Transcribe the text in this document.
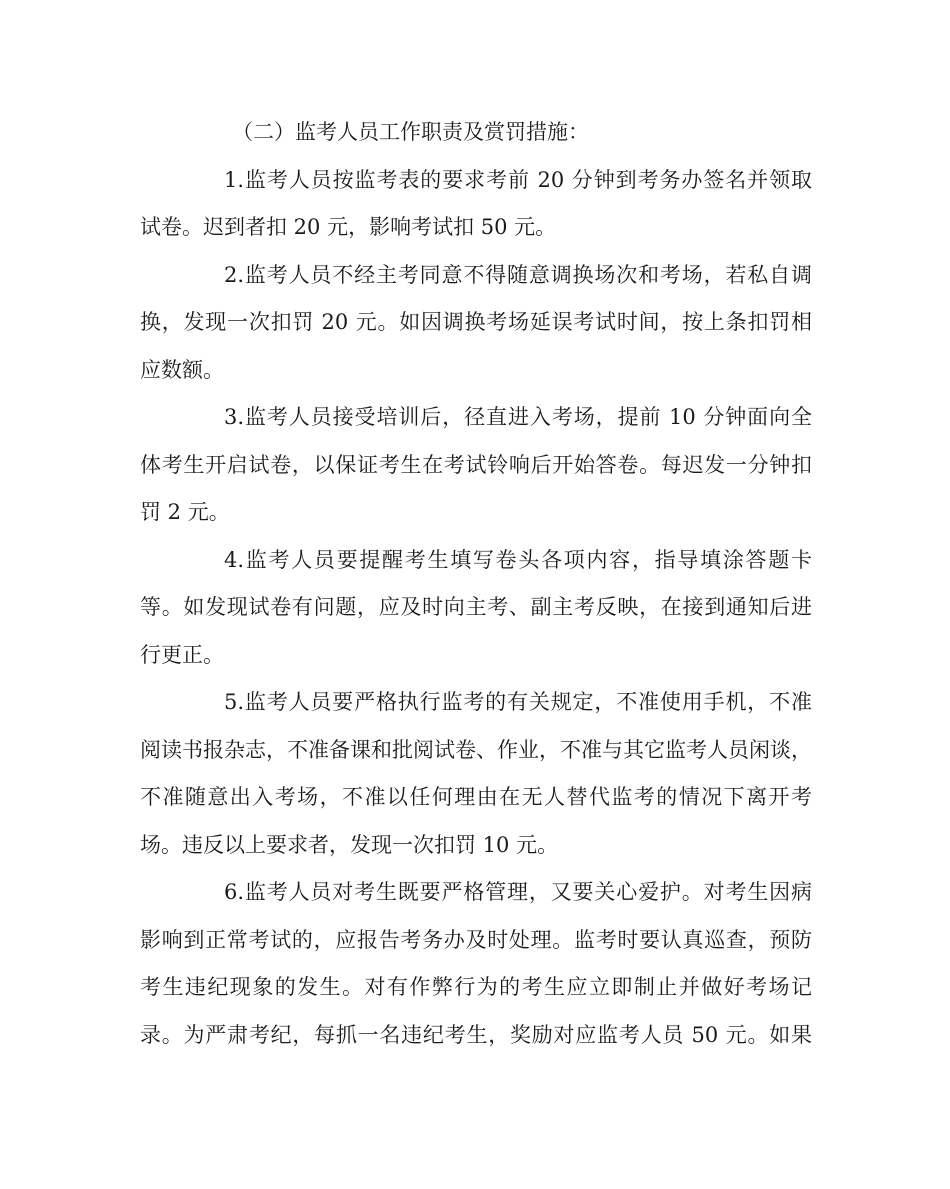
（二）监考人员工作职责及赏罚措施：

1.监考人员按监考表的要求考前 20 分钟到考务办签名并领取
试卷。迟到者扣 20 元，影响考试扣 50 元。
2.监考人员不经主考同意不得随意调换场次和考场，若私自调
换，发现一次扣罚 20 元。如因调换考场延误考试时间，按上条扣罚相
应数额。
3.监考人员接受培训后，径直进入考场，提前 10 分钟面向全
体考生开启试卷，以保证考生在考试铃响后开始答卷。每迟发一分钟扣
罚 2 元。
4.监考人员要提醒考生填写卷头各项内容，指导填涂答题卡
等。如发现试卷有问题，应及时向主考、副主考反映，在接到通知后进
行更正。
5.监考人员要严格执行监考的有关规定，不准使用手机，不准
阅读书报杂志，不准备课和批阅试卷、作业，不准与其它监考人员闲谈，
不准随意出入考场，不准以任何理由在无人替代监考的情况下离开考
场。违反以上要求者，发现一次扣罚 10 元。
6.监考人员对考生既要严格管理，又要关心爱护。对考生因病
影响到正常考试的，应报告考务办及时处理。监考时要认真巡查，预防
考生违纪现象的发生。对有作弊行为的考生应立即制止并做好考场记
录。为严肃考纪，每抓一名违纪考生，奖励对应监考人员 50 元。如果
